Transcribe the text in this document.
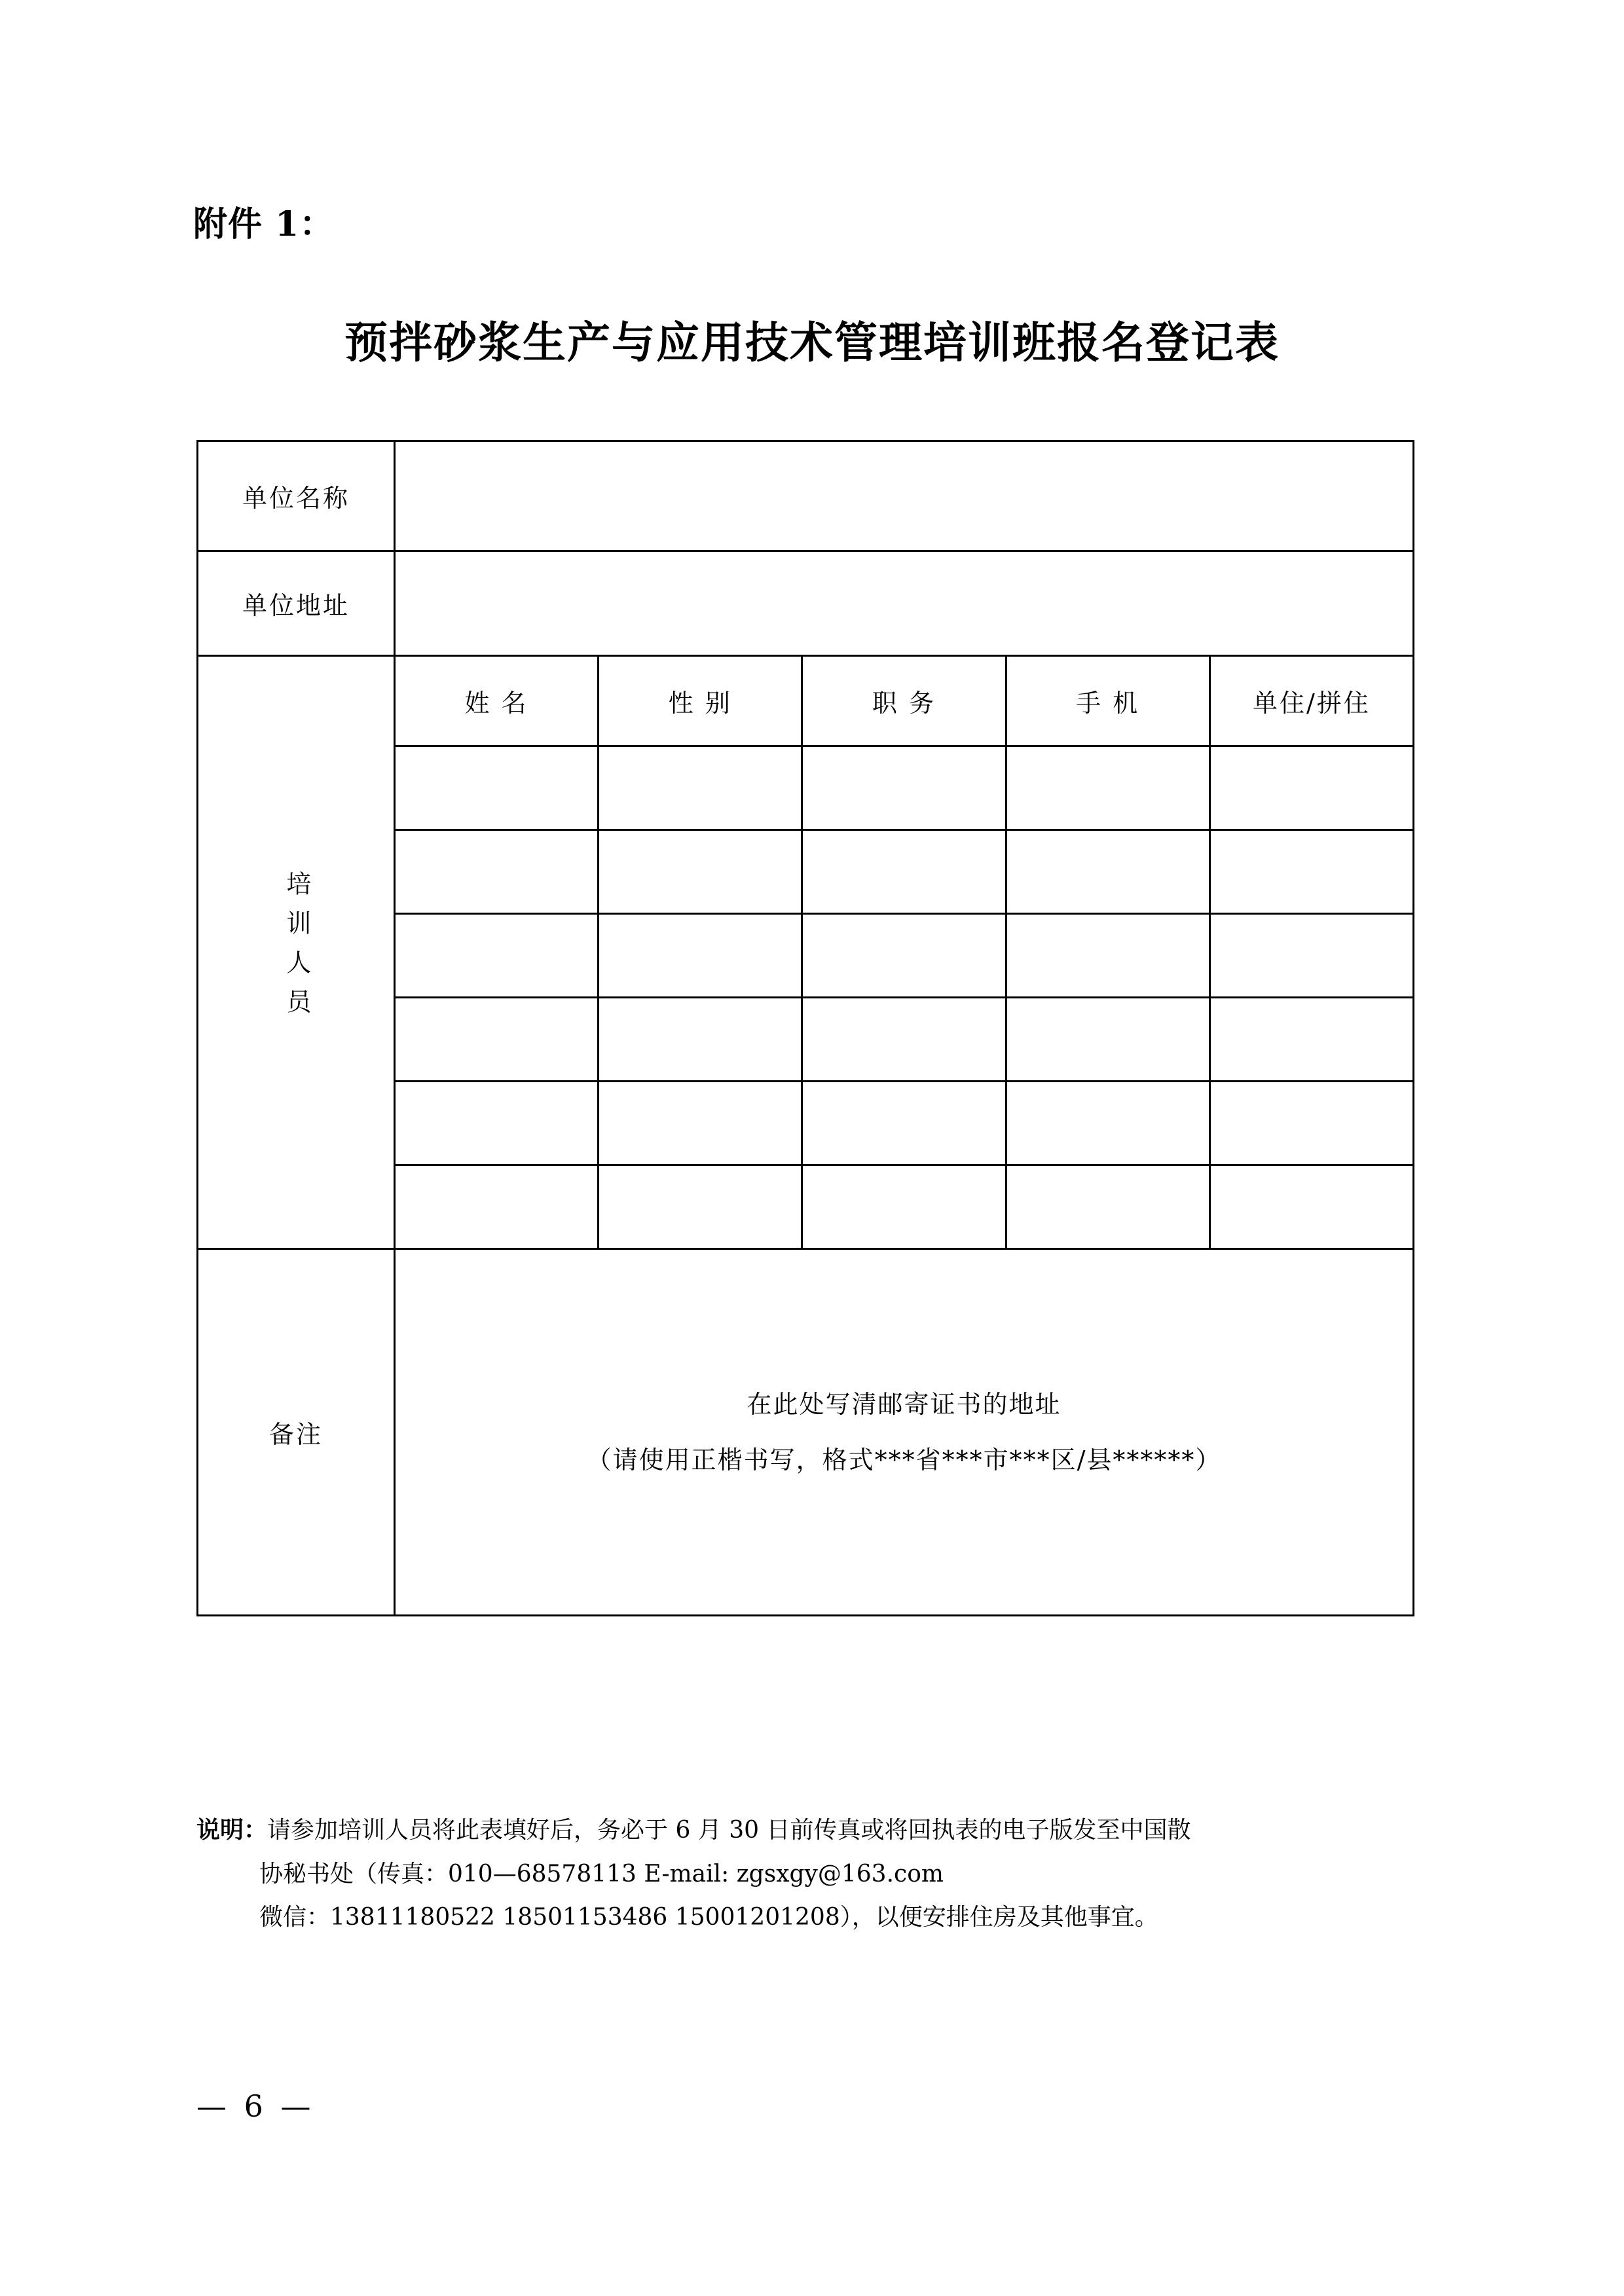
附件 1：
预拌砂浆生产与应用技术管理培训班报名登记表
单位名称					
单位地址					
培训人员	姓 名	性 别	职 务	手 机	单住/拼住

备注	在此处写清邮寄证书的地址
（请使用正楷书写，格式***省***市***区/县******）				
说明：请参加培训人员将此表填好后，务必于 6 月 30 日前传真或将回执表的电子版发至中国散
协秘书处（传真：010—68578113 E-mail: zgsxgy@163.com
微信：13811180522 18501153486 15001201208），以便安排住房及其他事宜。
— 6 —
